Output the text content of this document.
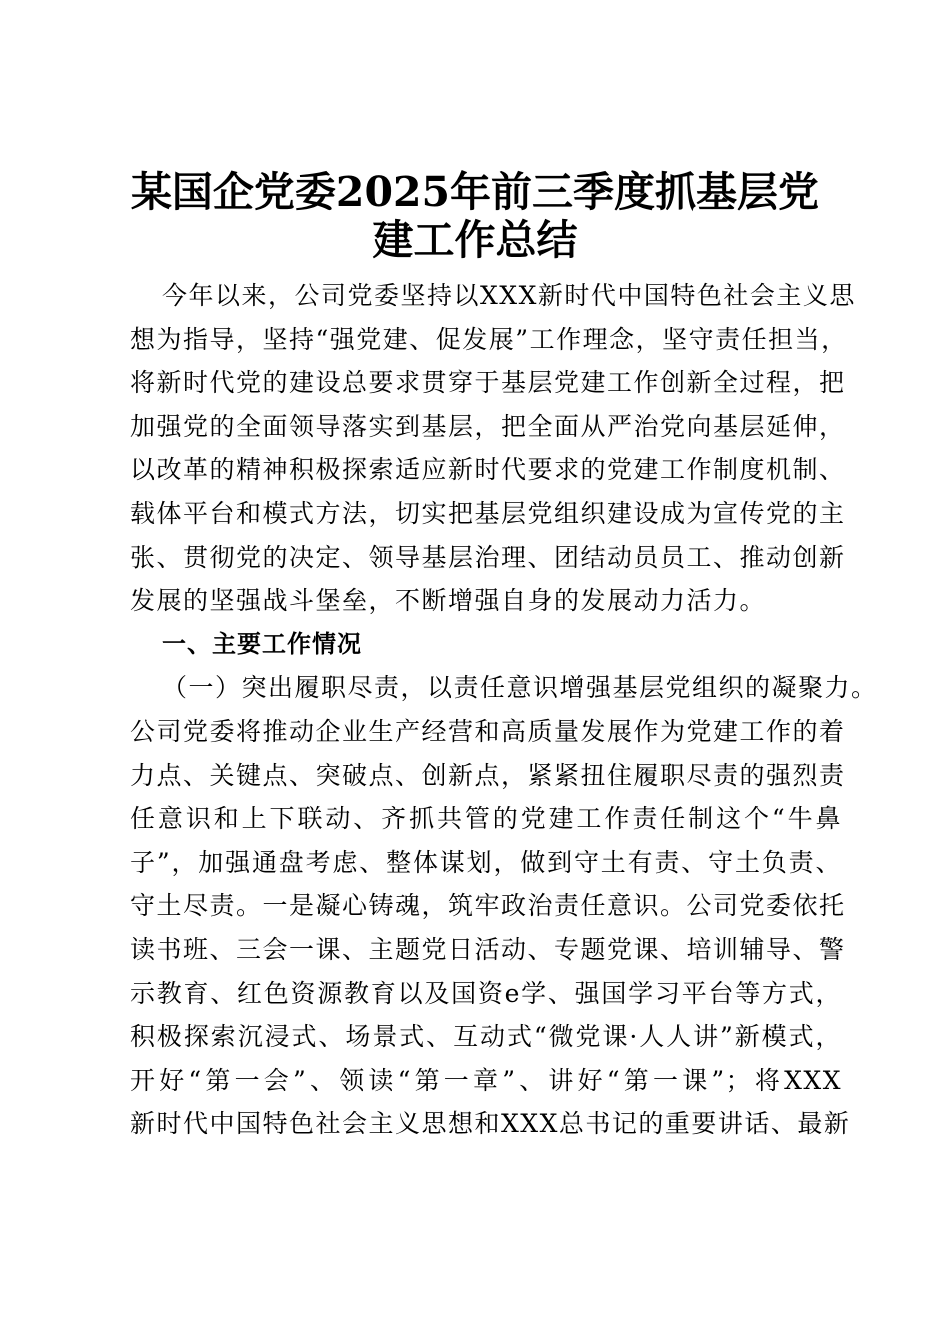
某国企党委2025年前三季度抓基层党
建工作总结
今年以来，公司党委坚持以XXX新时代中国特色社会主义思
想为指导，坚持“强党建、促发展”工作理念，坚守责任担当，
将新时代党的建设总要求贯穿于基层党建工作创新全过程，把
加强党的全面领导落实到基层，把全面从严治党向基层延伸，
以改革的精神积极探索适应新时代要求的党建工作制度机制、
载体平台和模式方法，切实把基层党组织建设成为宣传党的主
张、贯彻党的决定、领导基层治理、团结动员员工、推动创新
发展的坚强战斗堡垒，不断增强自身的发展动力活力。
一、主要工作情况
（一）突出履职尽责，以责任意识增强基层党组织的凝聚力。
公司党委将推动企业生产经营和高质量发展作为党建工作的着
力点、关键点、突破点、创新点，紧紧扭住履职尽责的强烈责
任意识和上下联动、齐抓共管的党建工作责任制这个“牛鼻
子”，加强通盘考虑、整体谋划，做到守土有责、守土负责、
守土尽责。一是凝心铸魂，筑牢政治责任意识。公司党委依托
读书班、三会一课、主题党日活动、专题党课、培训辅导、警
示教育、红色资源教育以及国资e学、强国学习平台等方式，
积极探索沉浸式、场景式、互动式“微党课·人人讲”新模式，
开好“第一会”、领读“第一章”、讲好“第一课”；将XXX
新时代中国特色社会主义思想和XXX总书记的重要讲话、最新
